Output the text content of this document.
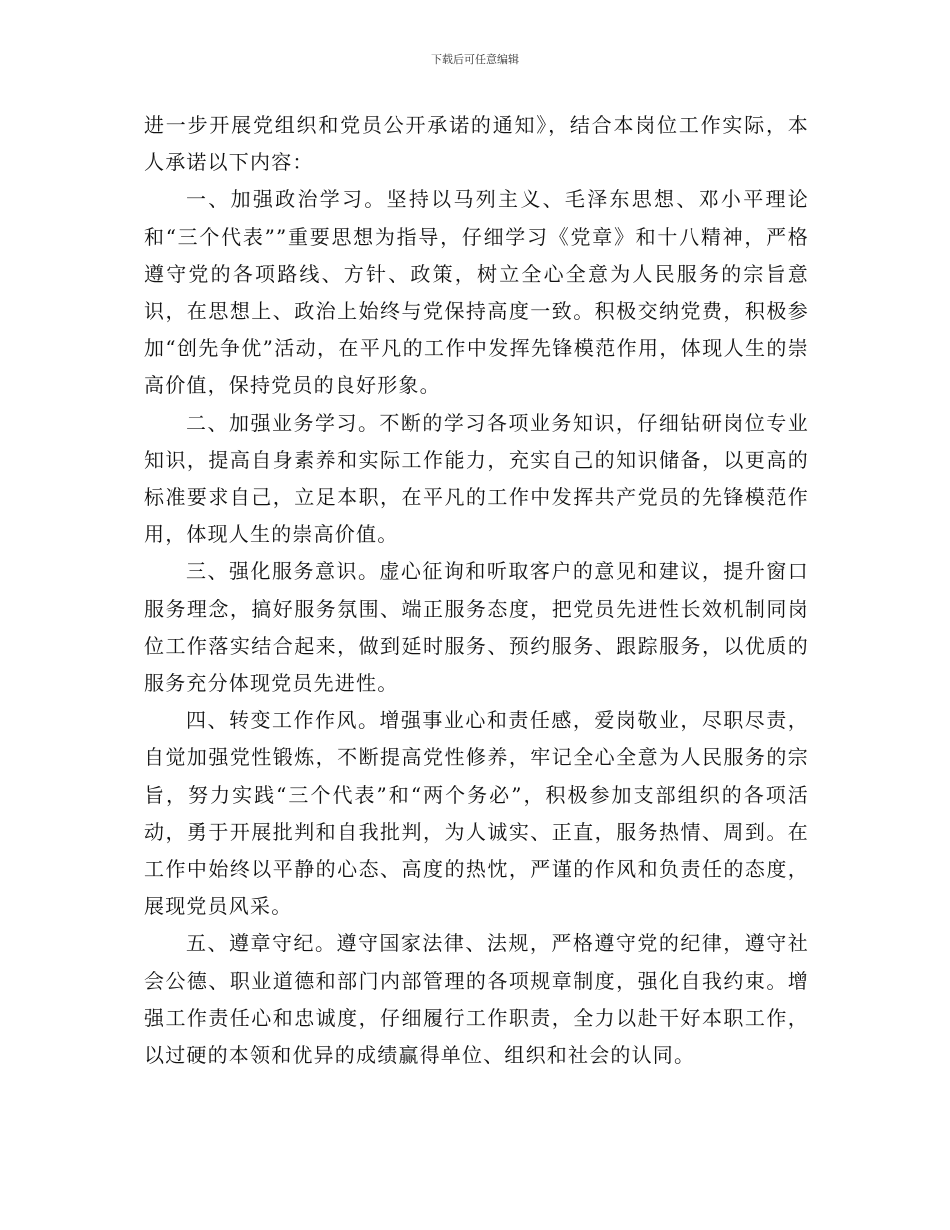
下载后可任意编辑

进一步开展党组织和党员公开承诺的通知》，结合本岗位工作实际，本人承诺以下内容：

一、加强政治学习。坚持以马列主义、毛泽东思想、邓小平理论和“三个代表””重要思想为指导，仔细学习《党章》和十八精神，严格遵守党的各项路线、方针、政策，树立全心全意为人民服务的宗旨意识，在思想上、政治上始终与党保持高度一致。积极交纳党费，积极参加“创先争优”活动，在平凡的工作中发挥先锋模范作用，体现人生的崇高价值，保持党员的良好形象。

二、加强业务学习。不断的学习各项业务知识，仔细钻研岗位专业知识，提高自身素养和实际工作能力，充实自己的知识储备，以更高的标准要求自己，立足本职，在平凡的工作中发挥共产党员的先锋模范作用，体现人生的崇高价值。

三、强化服务意识。虚心征询和听取客户的意见和建议，提升窗口服务理念，搞好服务氛围、端正服务态度，把党员先进性长效机制同岗位工作落实结合起来，做到延时服务、预约服务、跟踪服务，以优质的服务充分体现党员先进性。

四、转变工作作风。增强事业心和责任感，爱岗敬业，尽职尽责，自觉加强党性锻炼，不断提高党性修养，牢记全心全意为人民服务的宗旨，努力实践“三个代表”和“两个务必”，积极参加支部组织的各项活动，勇于开展批判和自我批判，为人诚实、正直，服务热情、周到。在工作中始终以平静的心态、高度的热忱，严谨的作风和负责任的态度，展现党员风采。

五、遵章守纪。遵守国家法律、法规，严格遵守党的纪律，遵守社会公德、职业道德和部门内部管理的各项规章制度，强化自我约束。增强工作责任心和忠诚度，仔细履行工作职责，全力以赴干好本职工作，以过硬的本领和优异的成绩赢得单位、组织和社会的认同。
